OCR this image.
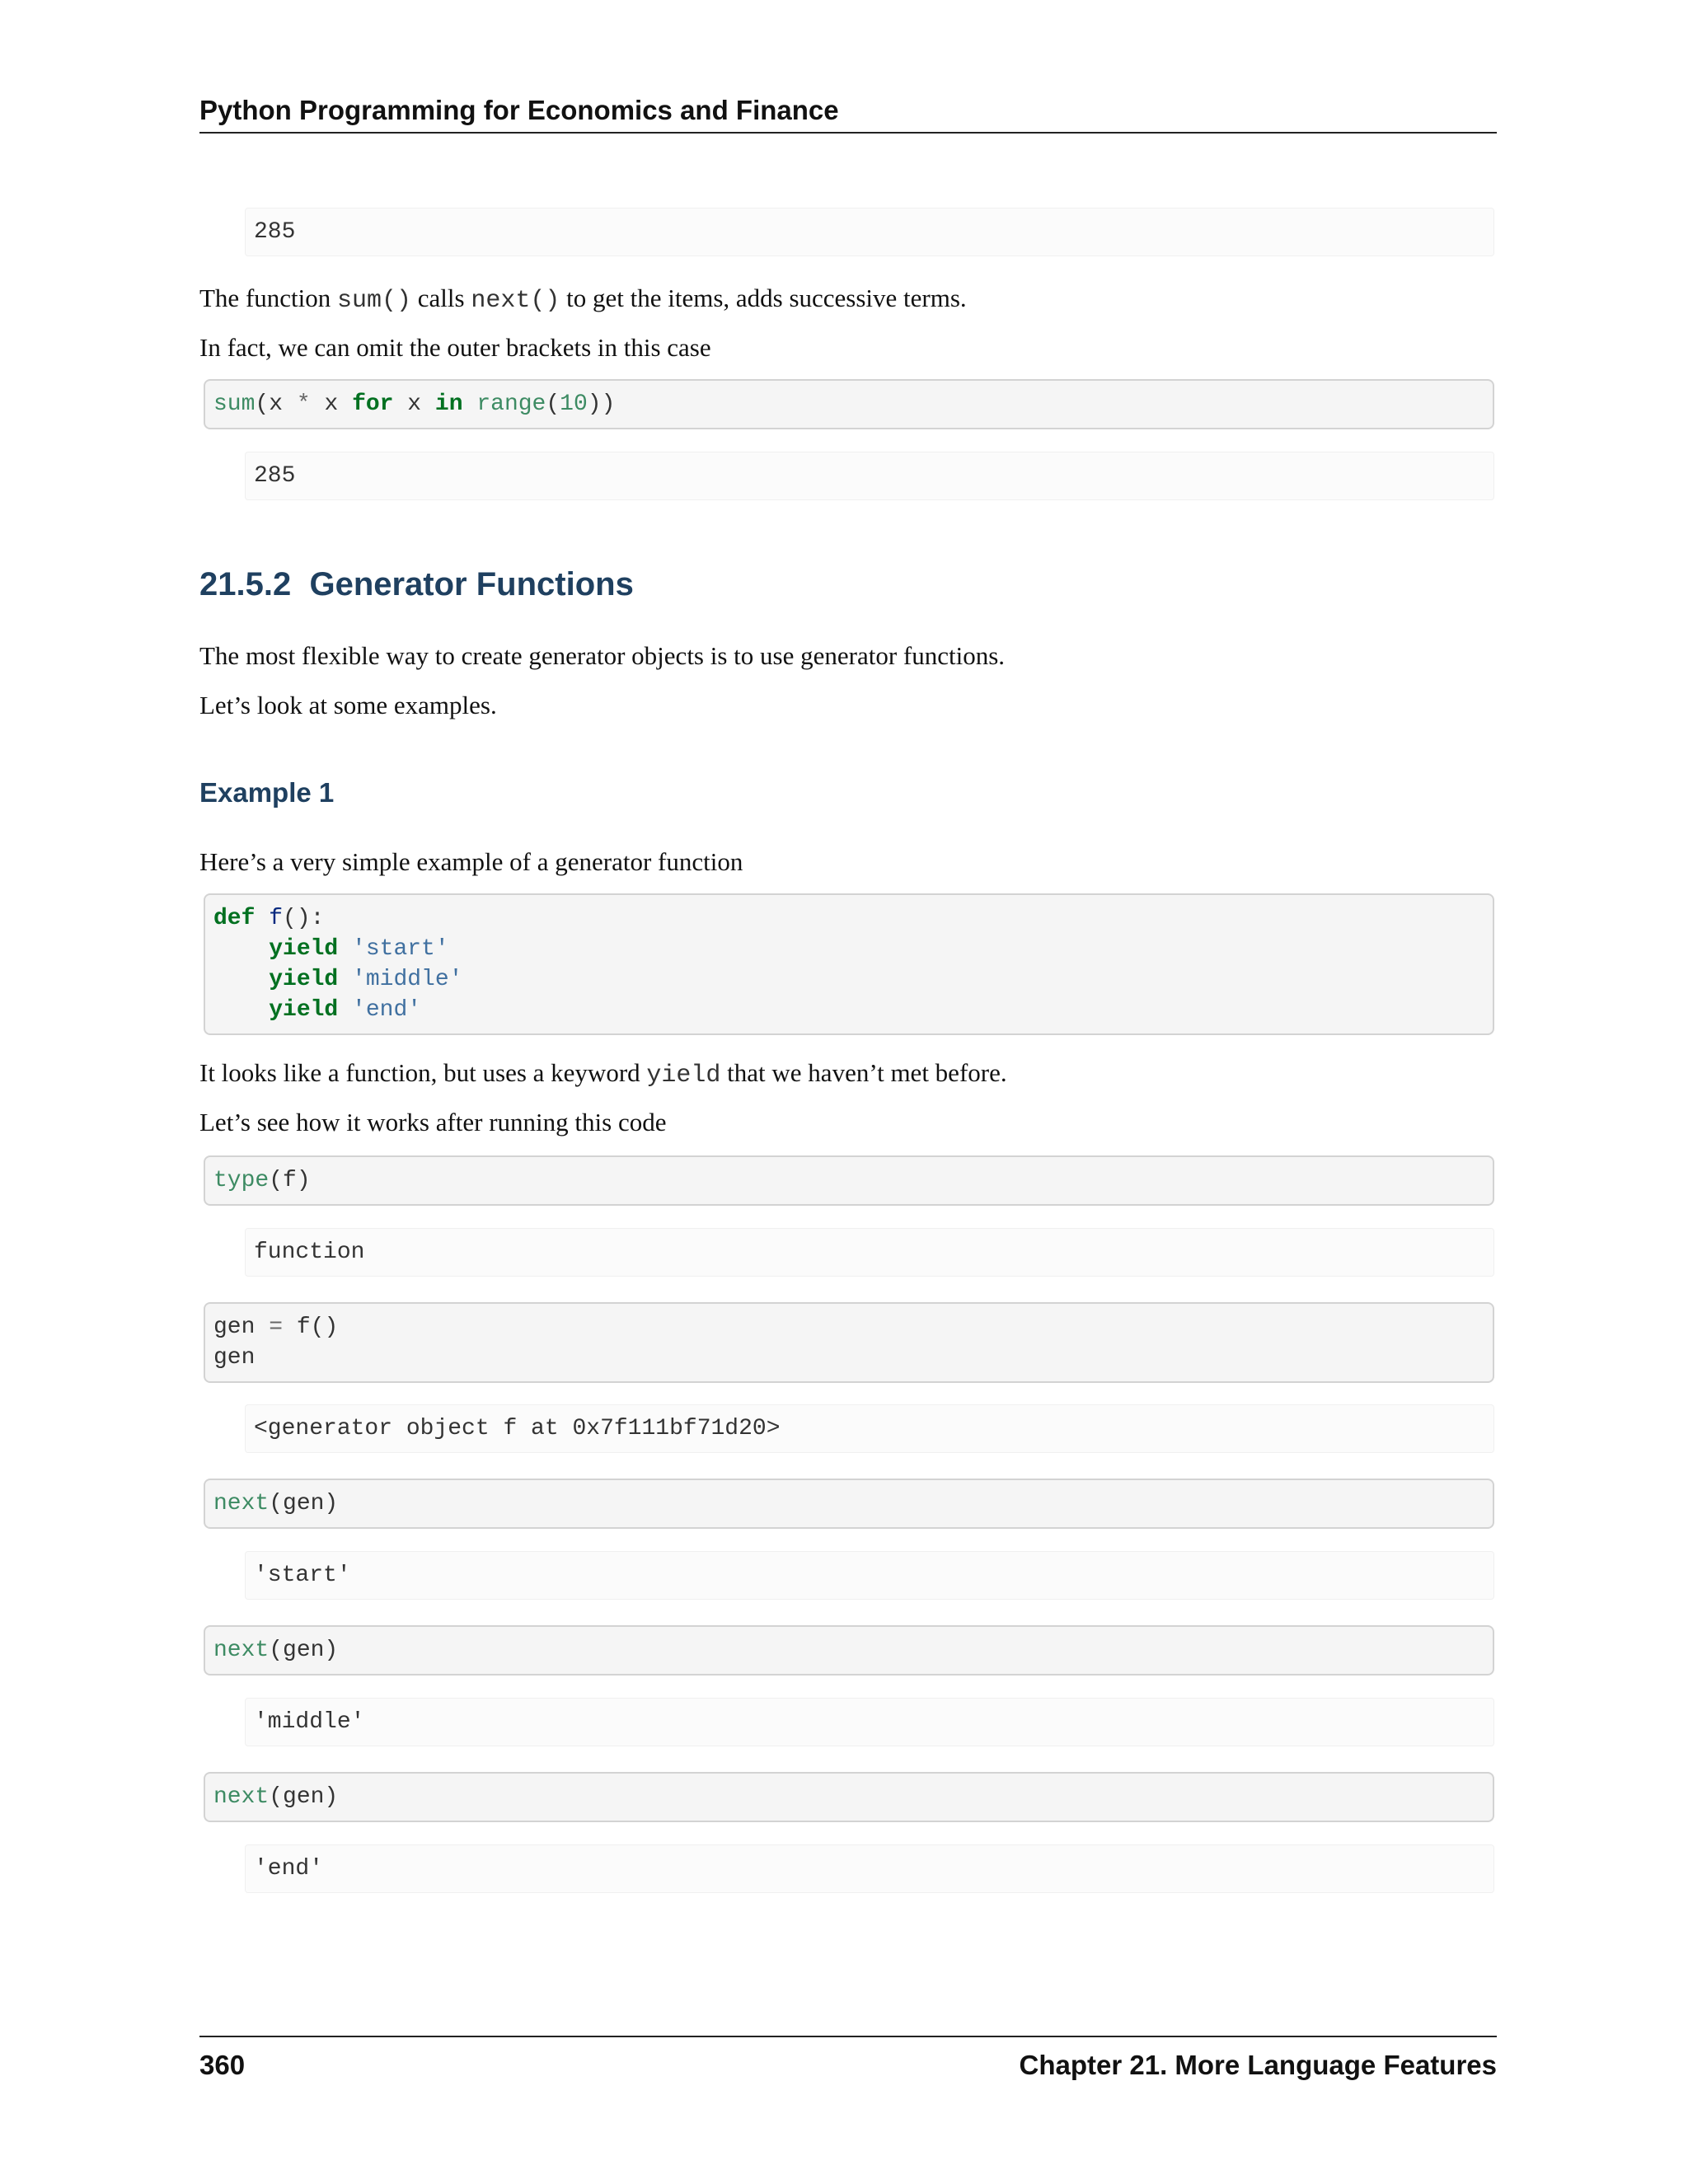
Python Programming for Economics and Finance
285
The function sum() calls next() to get the items, adds successive terms.
In fact, we can omit the outer brackets in this case
sum(x * x for x in range(10))
285
21.5.2 Generator Functions
The most flexible way to create generator objects is to use generator functions.
Let’s look at some examples.
Example 1
Here’s a very simple example of a generator function
def f():
yield 'start'
yield 'middle'
yield 'end'
It looks like a function, but uses a keyword yield that we haven’t met before.
Let’s see how it works after running this code
type(f)
function
gen = f()
gen
<generator object f at 0x7f111bf71d20>
next(gen)
'start'
next(gen)
'middle'
next(gen)
'end'
360	Chapter 21. More Language Features
